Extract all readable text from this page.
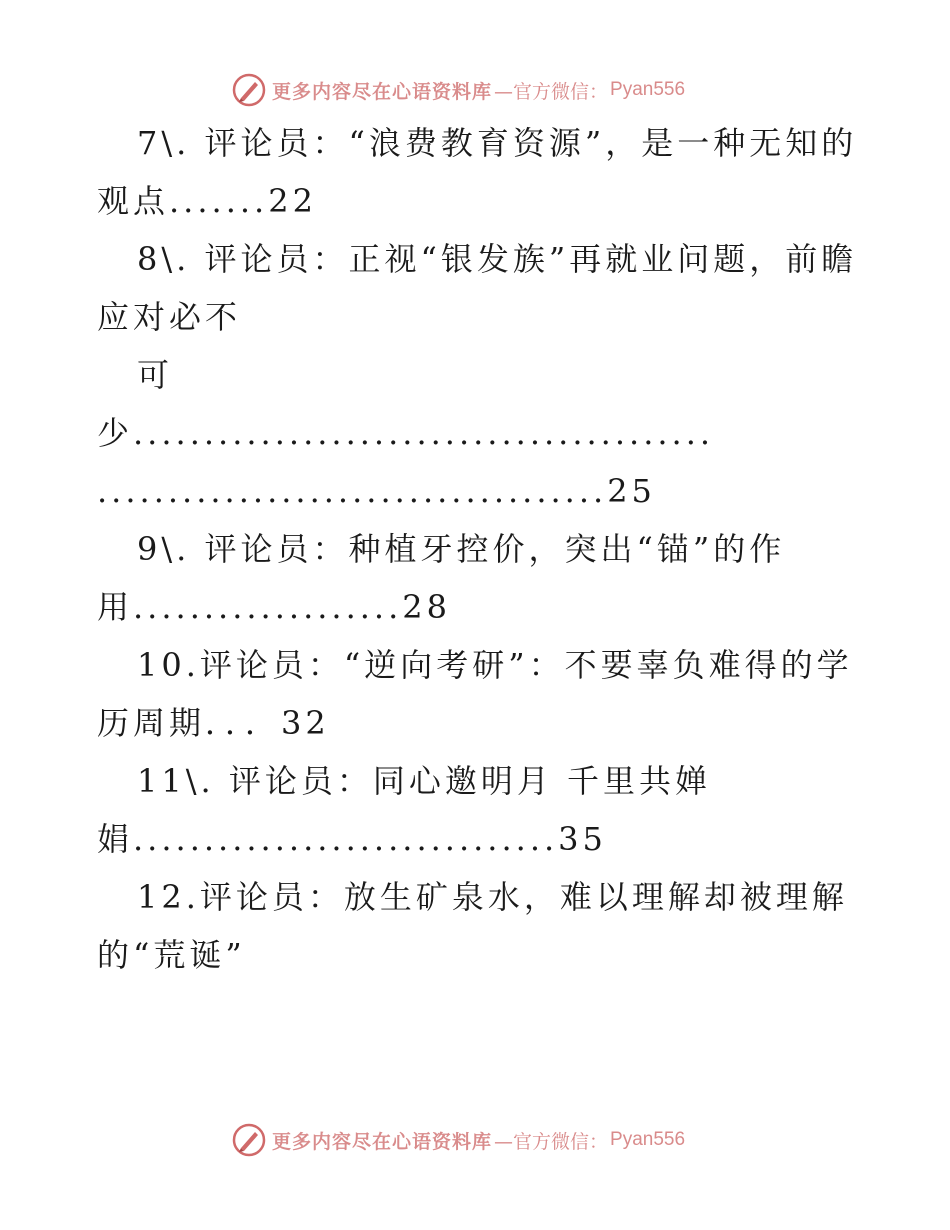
更多内容尽在心语资料库 —官方微信： Pyan556
7\. 评论员：“浪费教育资源”，是一种无知的
观点.......22
8\. 评论员：正视“银发族”再就业问题，前瞻
应对必不
可
少.........................................
....................................25
9\. 评论员：种植牙控价，突出“锚”的作
用...................28
10.评论员：“逆向考研”：不要辜负难得的学
历周期．．．32
11\. 评论员：同心邀明月 千里共婵
娟..............................35
12.评论员：放生矿泉水，难以理解却被理解
的“荒诞”
更多内容尽在心语资料库 —官方微信： Pyan556
